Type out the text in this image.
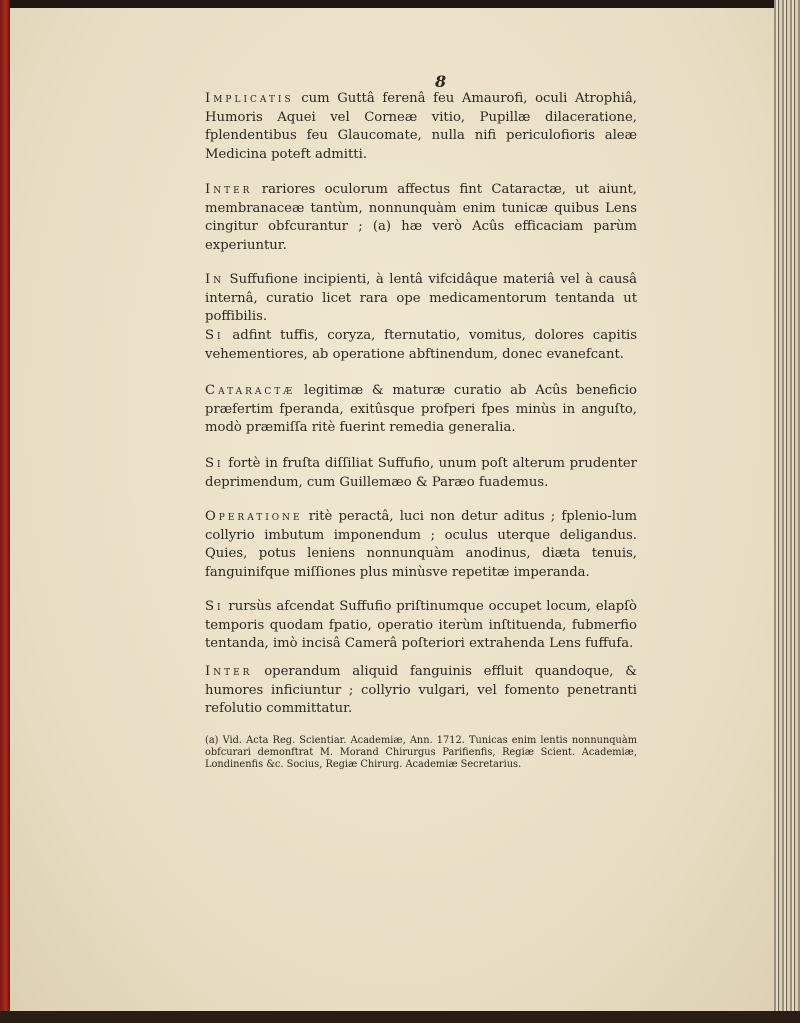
8

Implicatis cum Guttâ ferenâ feu Amaurofi, oculi Atrophiâ, Humoris Aquei vel Corneæ vitio, Pupillæ dilaceratione, fplendentibus feu Glaucomate, nulla nifi periculofioris aleæ Medicina poteft admitti.

Inter rariores oculorum affectus fint Cataractæ, ut aiunt, membranaceæ tantùm, nonnunquàm enim tunicæ quibus Lens cingitur obfcurantur ; (a) hæ verò Acûs efficaciam parùm experiuntur.

In Suffufione incipienti, à lentâ vifcidâque materiâ vel à causâ internâ, curatio licet rara ope medicamentorum tentanda ut poffibilis.

Si adfint tuffis, coryza, fternutatio, vomitus, dolores capitis vehementiores, ab operatione abftinendum, donec evanefcant.

Cataractæ legitimæ & maturæ curatio ab Acûs beneficio præfertim fperanda, exitûsque profperi fpes minùs in anguſto, modò præmiſſa ritè fuerint remedia generalia.

Si fortè in fruſta diſſiliat Suffufio, unum poſt alterum prudenter deprimendum, cum Guillemæo & Paræo fuademus.

Operatione ritè peractâ, luci non detur aditus ; fplenio-lum collyrio imbutum imponendum ; oculus uterque deligandus. Quies, potus leniens nonnunquàm anodinus, diæta tenuis, fanguinifque miſſiones plus minùsve repetitæ imperanda.

Si rursùs afcendat Suffufio priſtinumque occupet locum, elapſò temporis quodam fpatio, operatio iterùm inſtituenda, fubmerfio tentanda, imò incisâ Camerâ poſteriori extrahenda Lens fuffufa.

Inter operandum aliquid fanguinis effluit quandoque, & humores inficiuntur ; collyrio vulgari, vel fomento penetranti refolutio committatur.

(a) Vid. Acta Reg. Scientiar. Academiæ, Ann. 1712. Tunicas enim lentis nonnunquàm obfcurari demonftrat M. Morand Chirurgus Parifienfis, Regiæ Scient. Academiæ, Londinenfis &c. Socius, Regiæ Chirurg. Academiæ Secretarius.
